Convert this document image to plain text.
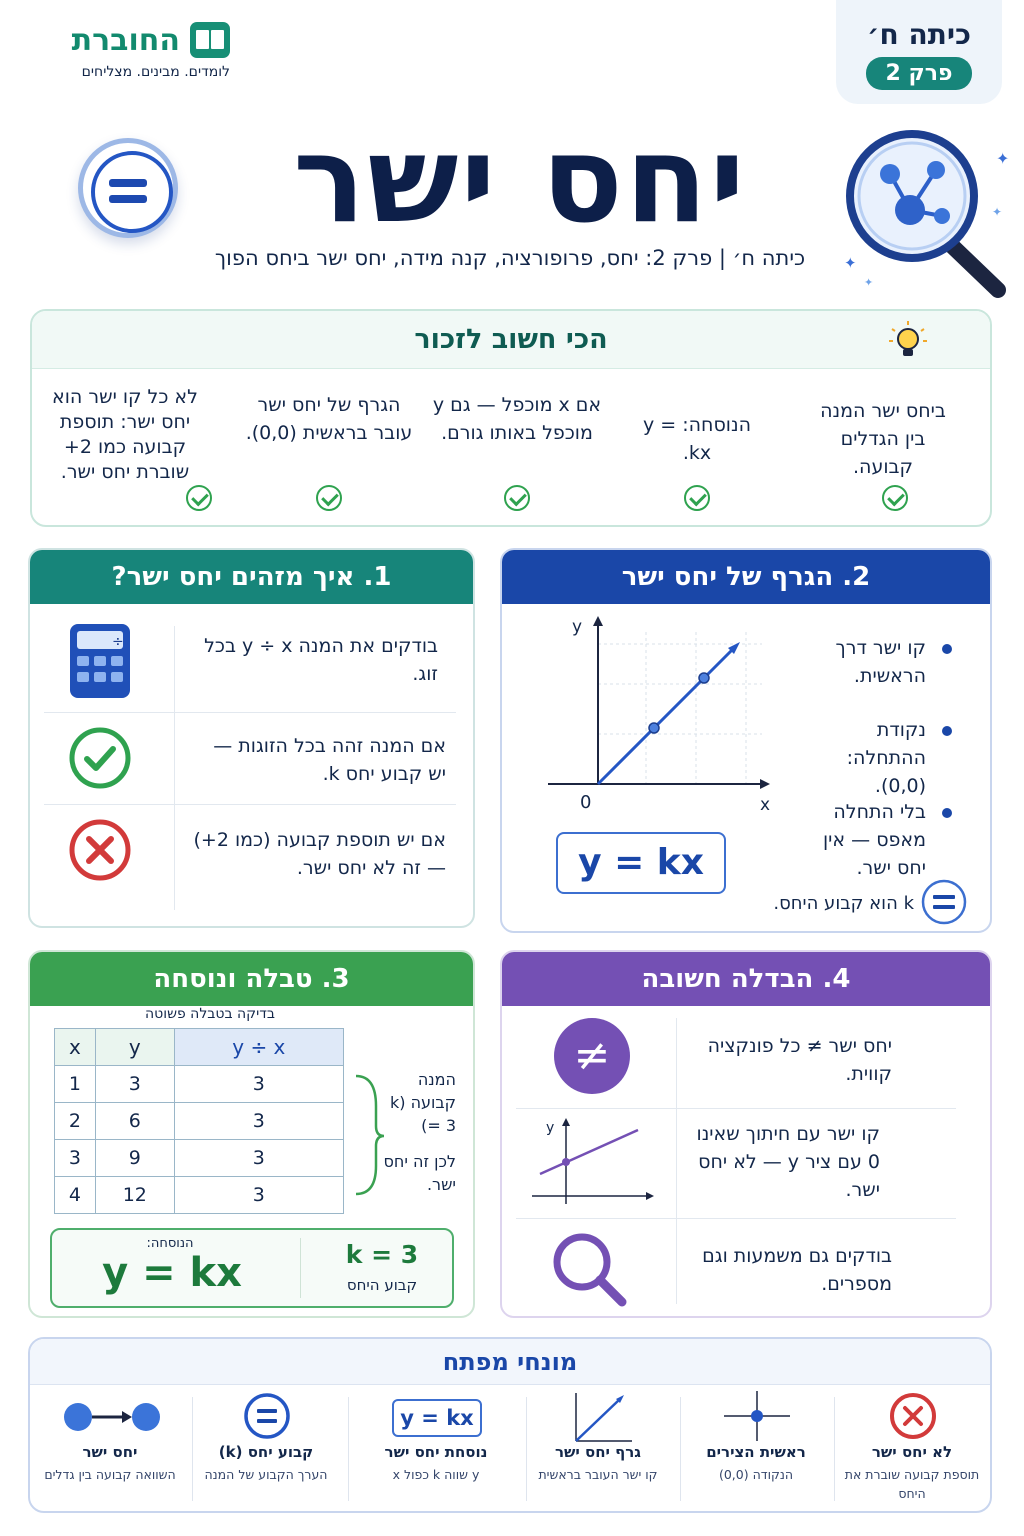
החוברת
לומדים. מבינים. מצליחים
כיתה ח׳
פרק 2
יחס ישר
כיתה ח׳ | פרק 2: יחס, פרופורציה, קנה מידה, יחס ישר ביחס הפוך
✦
✦
✦
✦
הכי חשוב לזכור
ביחס ישר המנה בין הגדלים קבועה.
הנוסחה: y = kx.
אם x מוכפל — גם y מוכפל באותו גורם.
הגרף של יחס ישר עובר בראשית (0,0).
לא כל קו ישר הוא יחס ישר: תוספת קבועה כמו 2+ שוברת יחס ישר.
1. איך מזהים יחס ישר?
÷	בודקים את המנה y ÷ x בכל זוג.
אם המנה זהה בכל הזוגות — יש קבוע יחס k.
אם יש תוספת קבועה (כמו 2+) — זה לא יחס ישר.
2. הגרף של יחס ישר
y
x
0
y = kx
קו ישר דרך הראשית.
נקודת ההתחלה: (0,0).
בלי התחלה מאפס — אין יחס ישר.
k הוא קבוע היחס.
3. טבלה ונוסחה
בדיקה בטבלה פשוטה
x	y	y ÷ x
1	3	3
2	6	3
3	9	3
4	12	3
המנה קבועה (k = 3)
לכן זה יחס ישר.
הנוסחה:
y = kx	k = 3
קבוע היחס
4. הבדלה חשובה
≠	יחס ישר ≠ כל פונקציה קווית.
y	קו ישר עם חיתוך שאינו 0 עם ציר y — לא יחס ישר.
בודקים גם משמעות וגם מספרים.
מונחי מפתח
לא יחס ישר
תוספת קבועה שוברת את היחס
ראשית הצירים
הנקודה (0,0)
גרף יחס ישר
קו ישר העובר בראשית
y = kx
נוסחת יחס ישר
y שווה k כפול x
קבוע יחס (k)
הערך הקבוע של המנה
יחס ישר
השוואה קבועה בין גדלים
